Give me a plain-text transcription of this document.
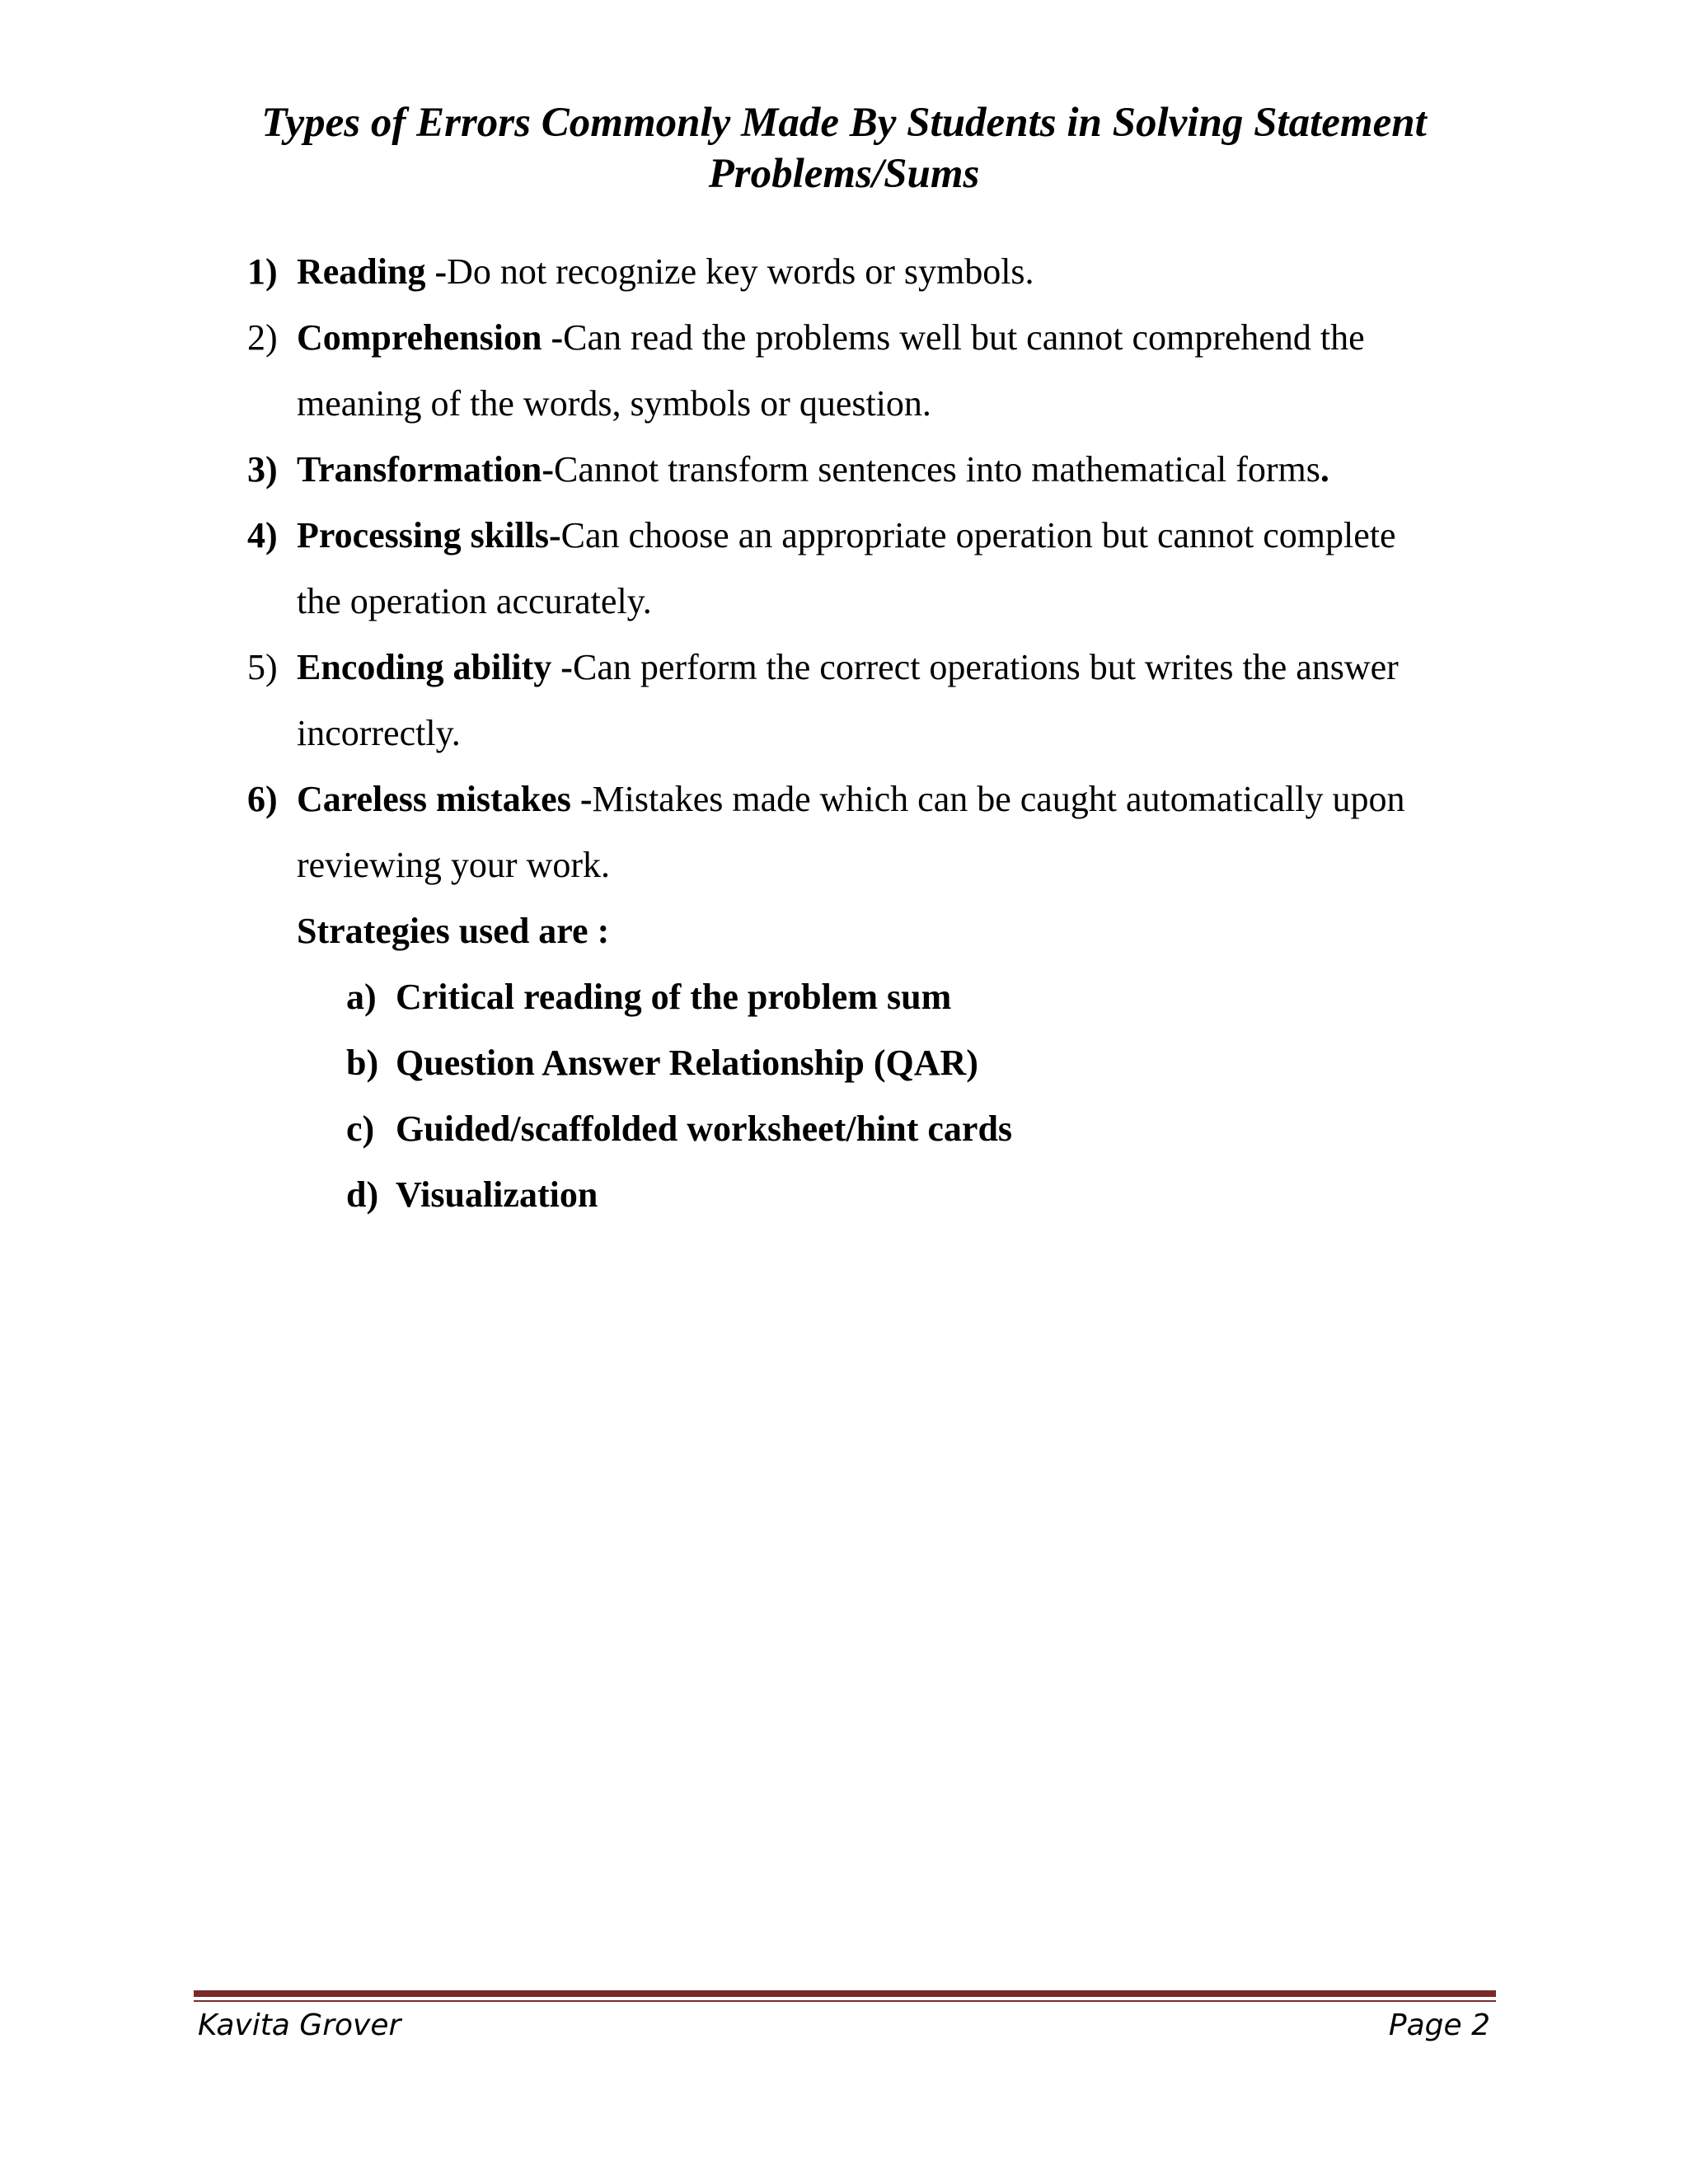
Types of Errors Commonly Made By Students in Solving Statement
Problems/Sums
1) Reading -Do not recognize key words or symbols.
2) Comprehension -Can read the problems well but cannot comprehend the
meaning of the words, symbols or question.
3) Transformation-Cannot transform sentences into mathematical forms.
4) Processing skills-Can choose an appropriate operation but cannot complete
the operation accurately.
5) Encoding ability -Can perform the correct operations but writes the answer
incorrectly.
6) Careless mistakes -Mistakes made which can be caught automatically upon
reviewing your work.
Strategies used are :
a) Critical reading of the problem sum
b) Question Answer Relationship (QAR)
c) Guided/scaffolded worksheet/hint cards
d) Visualization
Kavita Grover	Page 2
